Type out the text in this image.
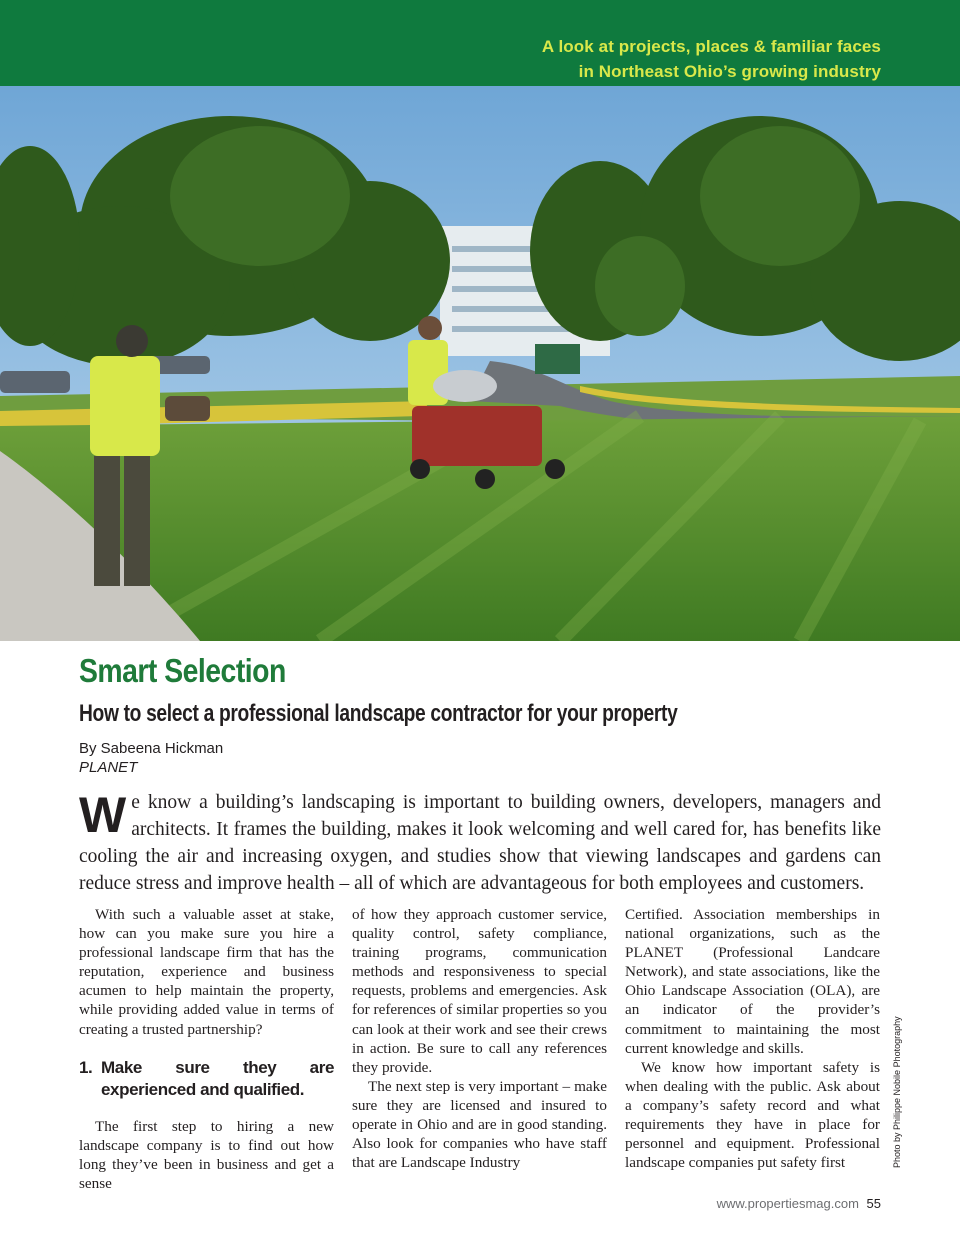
A look at projects, places & familiar faces
in Northeast Ohio’s growing industry
Smart Selection
How to select a professional landscape contractor for your property
By Sabeena Hickman
PLANET

We know a building’s landscaping is important to building owners, developers, managers and architects. It frames the building, makes it look welcoming and well cared for, has benefits like cooling the air and increasing oxygen, and studies show that viewing landscapes and gardens can reduce stress and improve health – all of which are advantageous for both employees and customers.

With such a valuable asset at stake, how can you make sure you hire a professional landscape firm that has the reputation, experience and business acumen to help maintain the property, while providing added value in terms of creating a trusted partnership?

1. Make sure they are experienced and qualified.

The first step to hiring a new landscape company is to find out how long they’ve been in business and get a sense

of how they approach customer service, quality control, safety compliance, training programs, communication methods and responsiveness to special requests, problems and emergencies. Ask for references of similar properties so you can look at their work and see their crews in action. Be sure to call any references they provide.

The next step is very important – make sure they are licensed and insured to operate in Ohio and are in good standing. Also look for companies who have staff that are Landscape Industry

Certified. Association memberships in national organizations, such as the PLANET (Professional Landcare Network), and state associations, like the Ohio Landscape Association (OLA), are an indicator of the provider’s commitment to maintaining the most current knowledge and skills.

We know how important safety is when dealing with the public. Ask about a company’s safety record and what requirements they have in place for personnel and equipment. Professional landscape companies put safety first	Photo by Philippe Nobile Photography
www.propertiesmag.com 55
